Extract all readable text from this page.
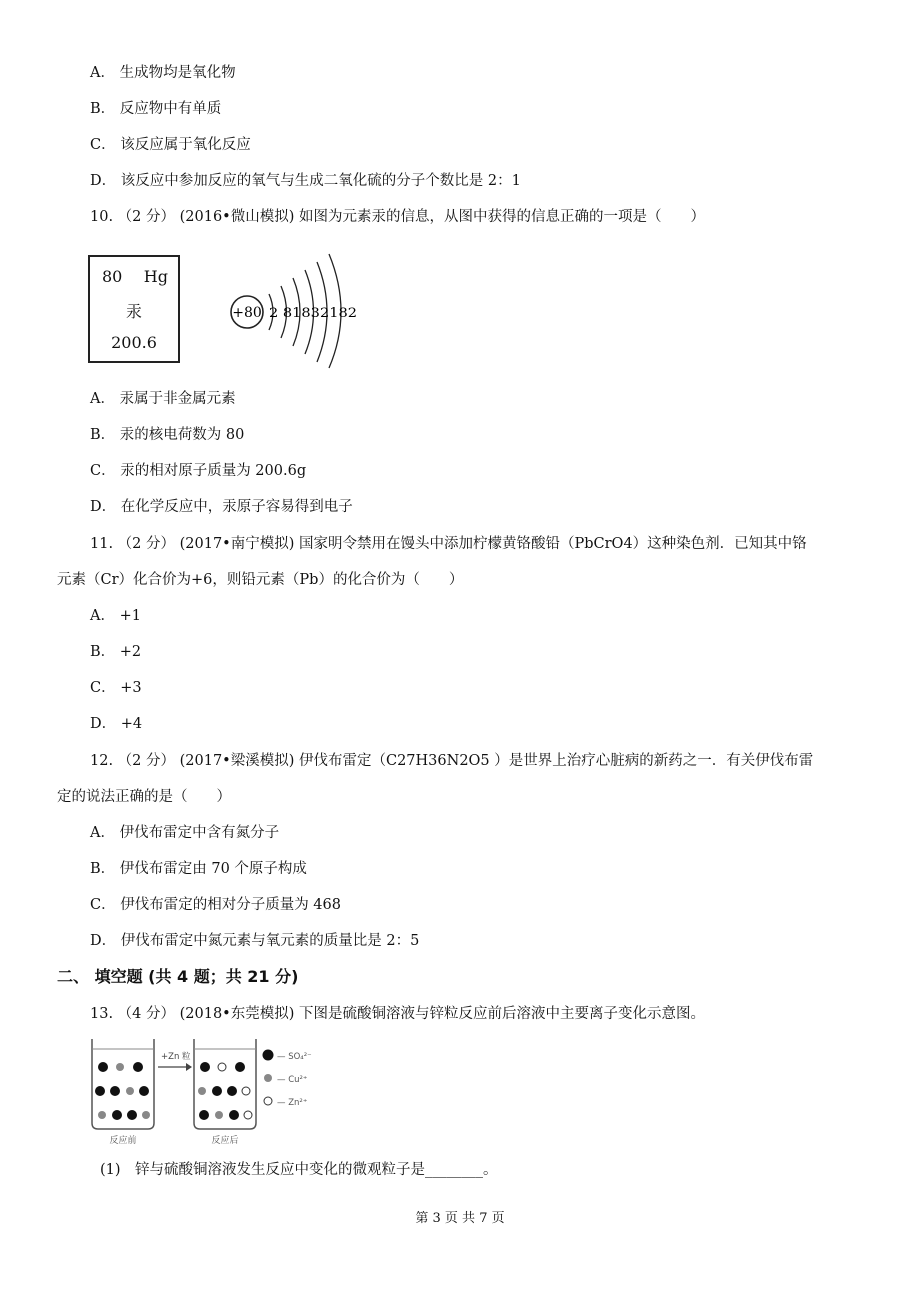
A． 生成物均是氧化物
B． 反应物中有单质
C． 该反应属于氧化反应
D． 该反应中参加反应的氧气与生成二氧化硫的分子个数比是 2：1
10. （2 分） (2016•微山模拟) 如图为元素汞的信息，从图中获得的信息正确的一项是（　　）
80 Hg
汞
200.6
+80 2 81832182
A． 汞属于非金属元素
B． 汞的核电荷数为 80
C． 汞的相对原子质量为 200.6g
D． 在化学反应中，汞原子容易得到电子
11. （2 分） (2017•南宁模拟) 国家明令禁用在馒头中添加柠檬黄铬酸铅（PbCrO4）这种染色剂．已知其中铬
元素（Cr）化合价为+6，则铅元素（Pb）的化合价为（　　）
A． +1
B． +2
C． +3
D． +4
12. （2 分） (2017•梁溪模拟) 伊伐布雷定（C27H36N2O5 ）是世界上治疗心脏病的新药之一．有关伊伐布雷
定的说法正确的是（　　）
A． 伊伐布雷定中含有氮分子
B． 伊伐布雷定由 70 个原子构成
C． 伊伐布雷定的相对分子质量为 468
D． 伊伐布雷定中氮元素与氧元素的质量比是 2：5
二、 填空题 (共 4 题；共 21 分)
13. （4 分） (2018•东莞模拟) 下图是硫酸铜溶液与锌粒反应前后溶液中主要离子变化示意图。
+Zn 粒
反应前	反应后
— SO₄²⁻
— Cu²⁺
— Zn²⁺
(1)　锌与硫酸铜溶液发生反应中变化的微观粒子是________。
第 3 页 共 7 页
